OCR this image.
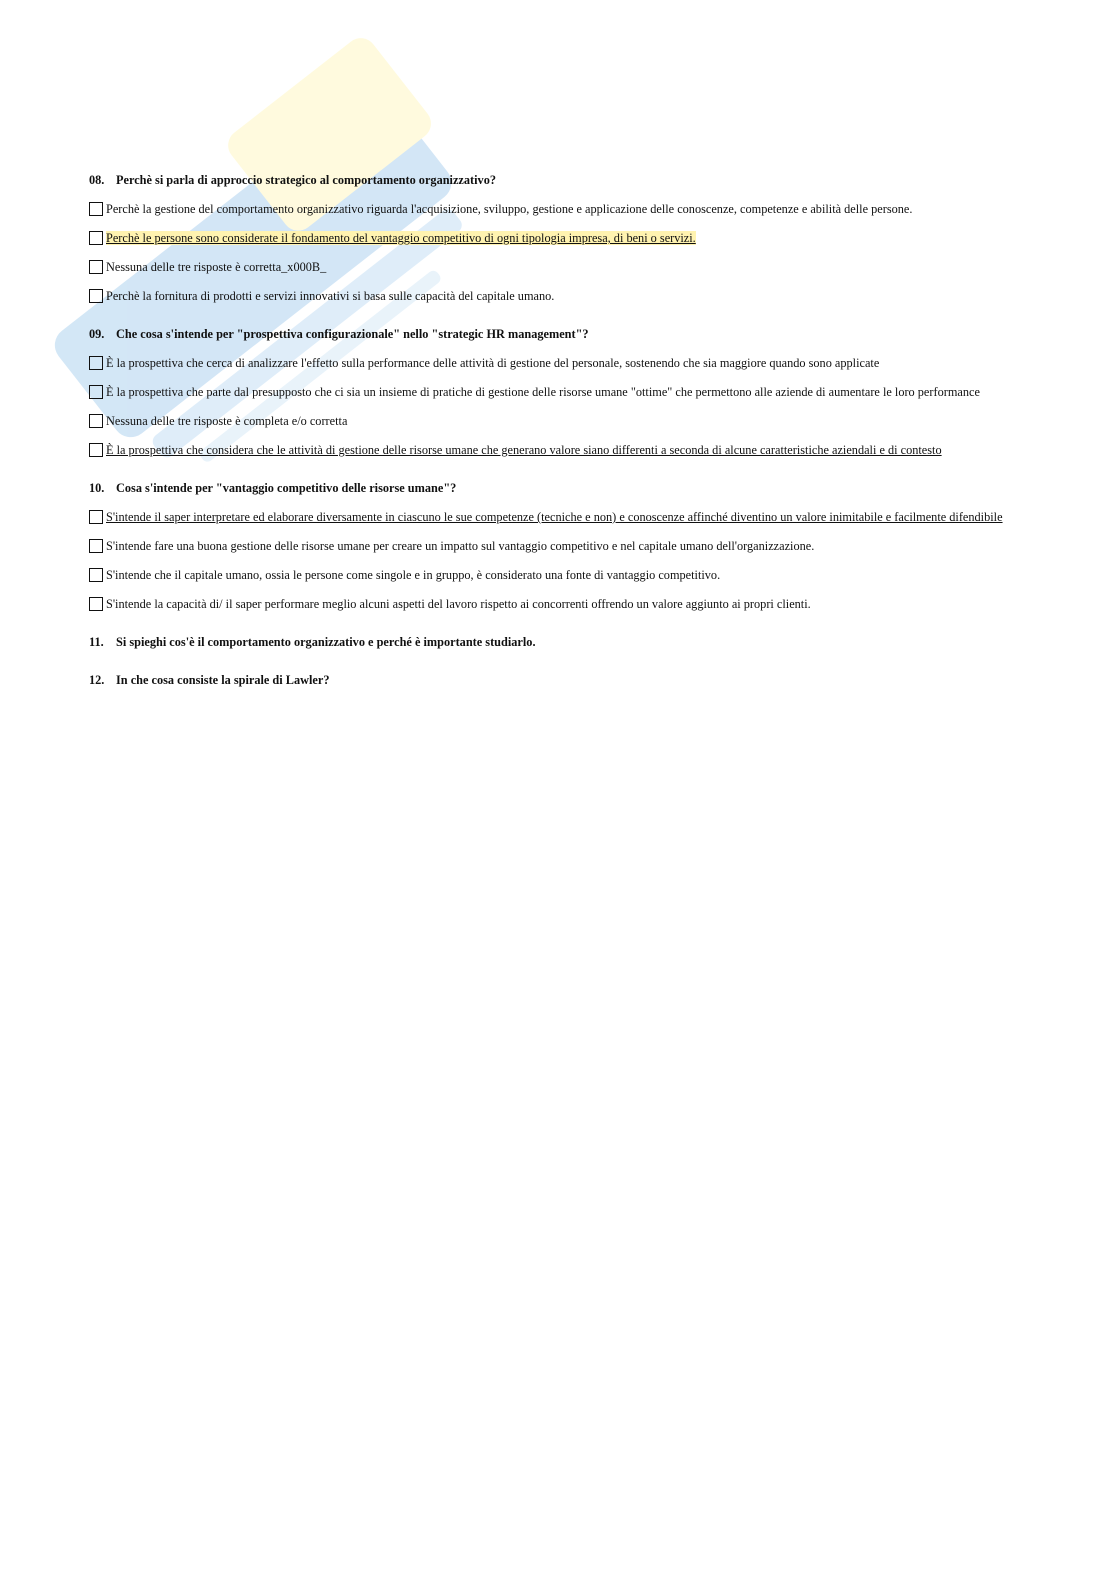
08. Perchè si parla di approccio strategico al comportamento organizzativo?

Perchè la gestione del comportamento organizzativo riguarda l'acquisizione, sviluppo, gestione e applicazione delle conoscenze, competenze e abilità delle persone.

Perchè le persone sono considerate il fondamento del vantaggio competitivo di ogni tipologia impresa, di beni o servizi.

Nessuna delle tre risposte è corretta_x000B_

Perchè la fornitura di prodotti e servizi innovativi si basa sulle capacità del capitale umano.

09. Che cosa s'intende per "prospettiva configurazionale" nello "strategic HR management"?

È la prospettiva che cerca di analizzare l'effetto sulla performance delle attività di gestione del personale, sostenendo che sia maggiore quando sono applicate

È la prospettiva che parte dal presupposto che ci sia un insieme di pratiche di gestione delle risorse umane "ottime" che permettono alle aziende di aumentare le loro performance

Nessuna delle tre risposte è completa e/o corretta

È la prospettiva che considera che le attività di gestione delle risorse umane che generano valore siano differenti a seconda di alcune caratteristiche aziendali e di contesto

10. Cosa s'intende per "vantaggio competitivo delle risorse umane"?

S'intende il saper interpretare ed elaborare diversamente in ciascuno le sue competenze (tecniche e non) e conoscenze affinché diventino un valore inimitabile e facilmente difendibile

S'intende fare una buona gestione delle risorse umane per creare un impatto sul vantaggio competitivo e nel capitale umano dell'organizzazione.

S'intende che il capitale umano, ossia le persone come singole e in gruppo, è considerato una fonte di vantaggio competitivo.

S'intende la capacità di/ il saper performare meglio alcuni aspetti del lavoro rispetto ai concorrenti offrendo un valore aggiunto ai propri clienti.

11. Si spieghi cos'è il comportamento organizzativo e perché è importante studiarlo.

12. In che cosa consiste la spirale di Lawler?
